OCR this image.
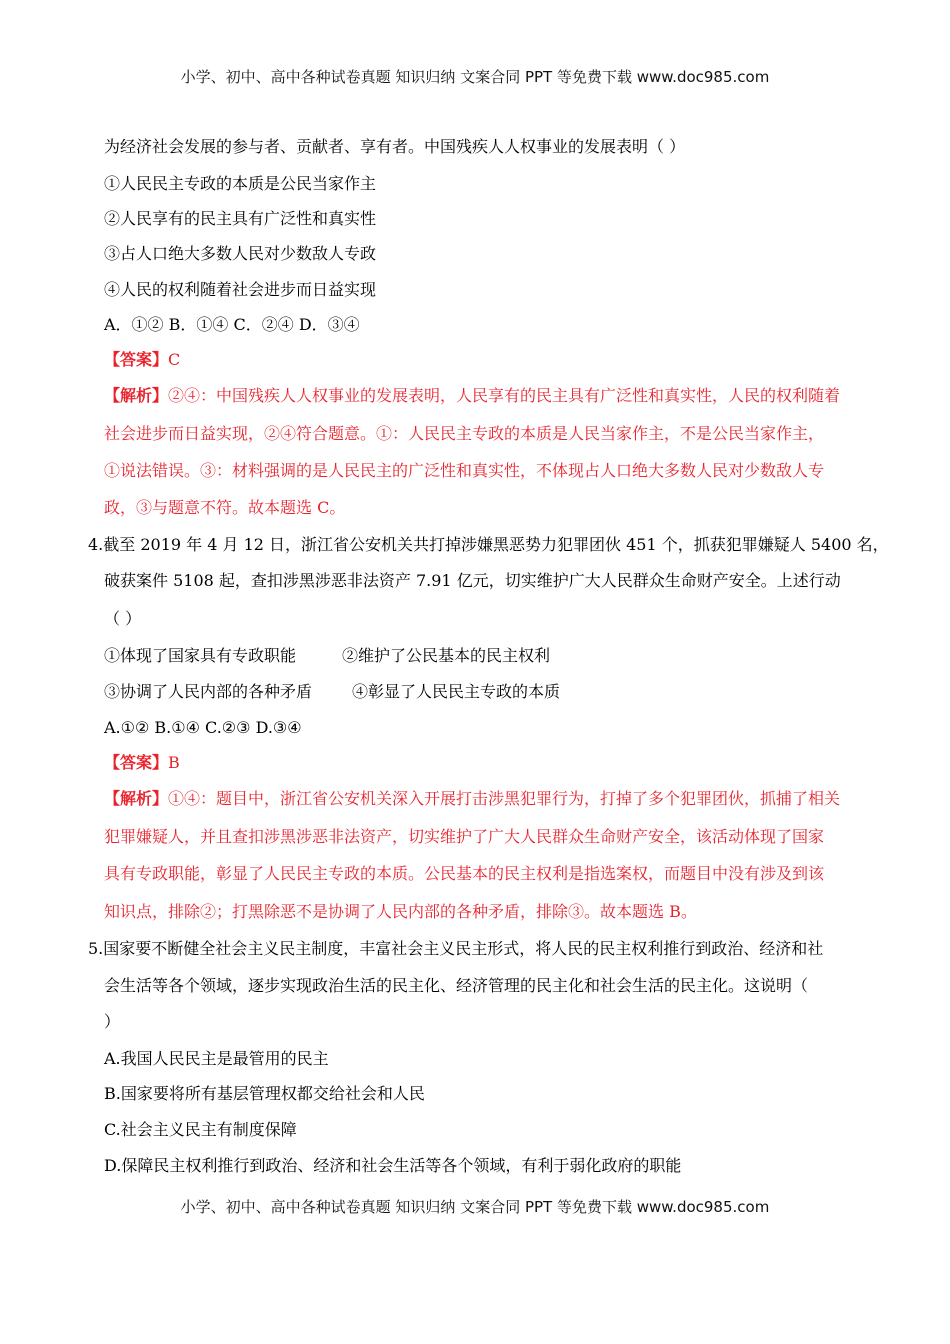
小学、初中、高中各种试卷真题 知识归纳 文案合同 PPT 等免费下载 www.doc985.com
为经济社会发展的参与者、贡献者、享有者。中国残疾人人权事业的发展表明（ ）
①人民民主专政的本质是公民当家作主
②人民享有的民主具有广泛性和真实性
③占人口绝大多数人民对少数敌人专政
④人民的权利随着社会进步而日益实现
A．①② B．①④ C．②④ D．③④
【答案】C
【解析】②④：中国残疾人人权事业的发展表明，人民享有的民主具有广泛性和真实性，人民的权利随着
社会进步而日益实现，②④符合题意。①：人民民主专政的本质是人民当家作主，不是公民当家作主，
①说法错误。③：材料强调的是人民民主的广泛性和真实性，不体现占人口绝大多数人民对少数敌人专
政，③与题意不符。故本题选 C。
4.截至 2019 年 4 月 12 日，浙江省公安机关共打掉涉嫌黑恶势力犯罪团伙 451 个，抓获犯罪嫌疑人 5400 名，
破获案件 5108 起，查扣涉黑涉恶非法资产 7.91 亿元，切实维护广大人民群众生命财产安全。上述行动
（ ）
①体现了国家具有专政职能	②维护了公民基本的民主权利
③协调了人民内部的各种矛盾 ④彰显了人民民主专政的本质
A.①② B.①④ C.②③ D.③④
【答案】B
【解析】①④：题目中，浙江省公安机关深入开展打击涉黑犯罪行为，打掉了多个犯罪团伙，抓捕了相关
犯罪嫌疑人，并且查扣涉黑涉恶非法资产，切实维护了广大人民群众生命财产安全，该活动体现了国家
具有专政职能，彰显了人民民主专政的本质。公民基本的民主权利是指选案权，而题目中没有涉及到该
知识点，排除②；打黑除恶不是协调了人民内部的各种矛盾，排除③。故本题选 B。
5.国家要不断健全社会主义民主制度，丰富社会主义民主形式，将人民的民主权利推行到政治、经济和社
会生活等各个领域，逐步实现政治生活的民主化、经济管理的民主化和社会生活的民主化。这说明（
）
A.我国人民民主是最管用的民主
B.国家要将所有基层管理权都交给社会和人民
C.社会主义民主有制度保障
D.保障民主权利推行到政治、经济和社会生活等各个领域，有利于弱化政府的职能
小学、初中、高中各种试卷真题 知识归纳 文案合同 PPT 等免费下载 www.doc985.com
